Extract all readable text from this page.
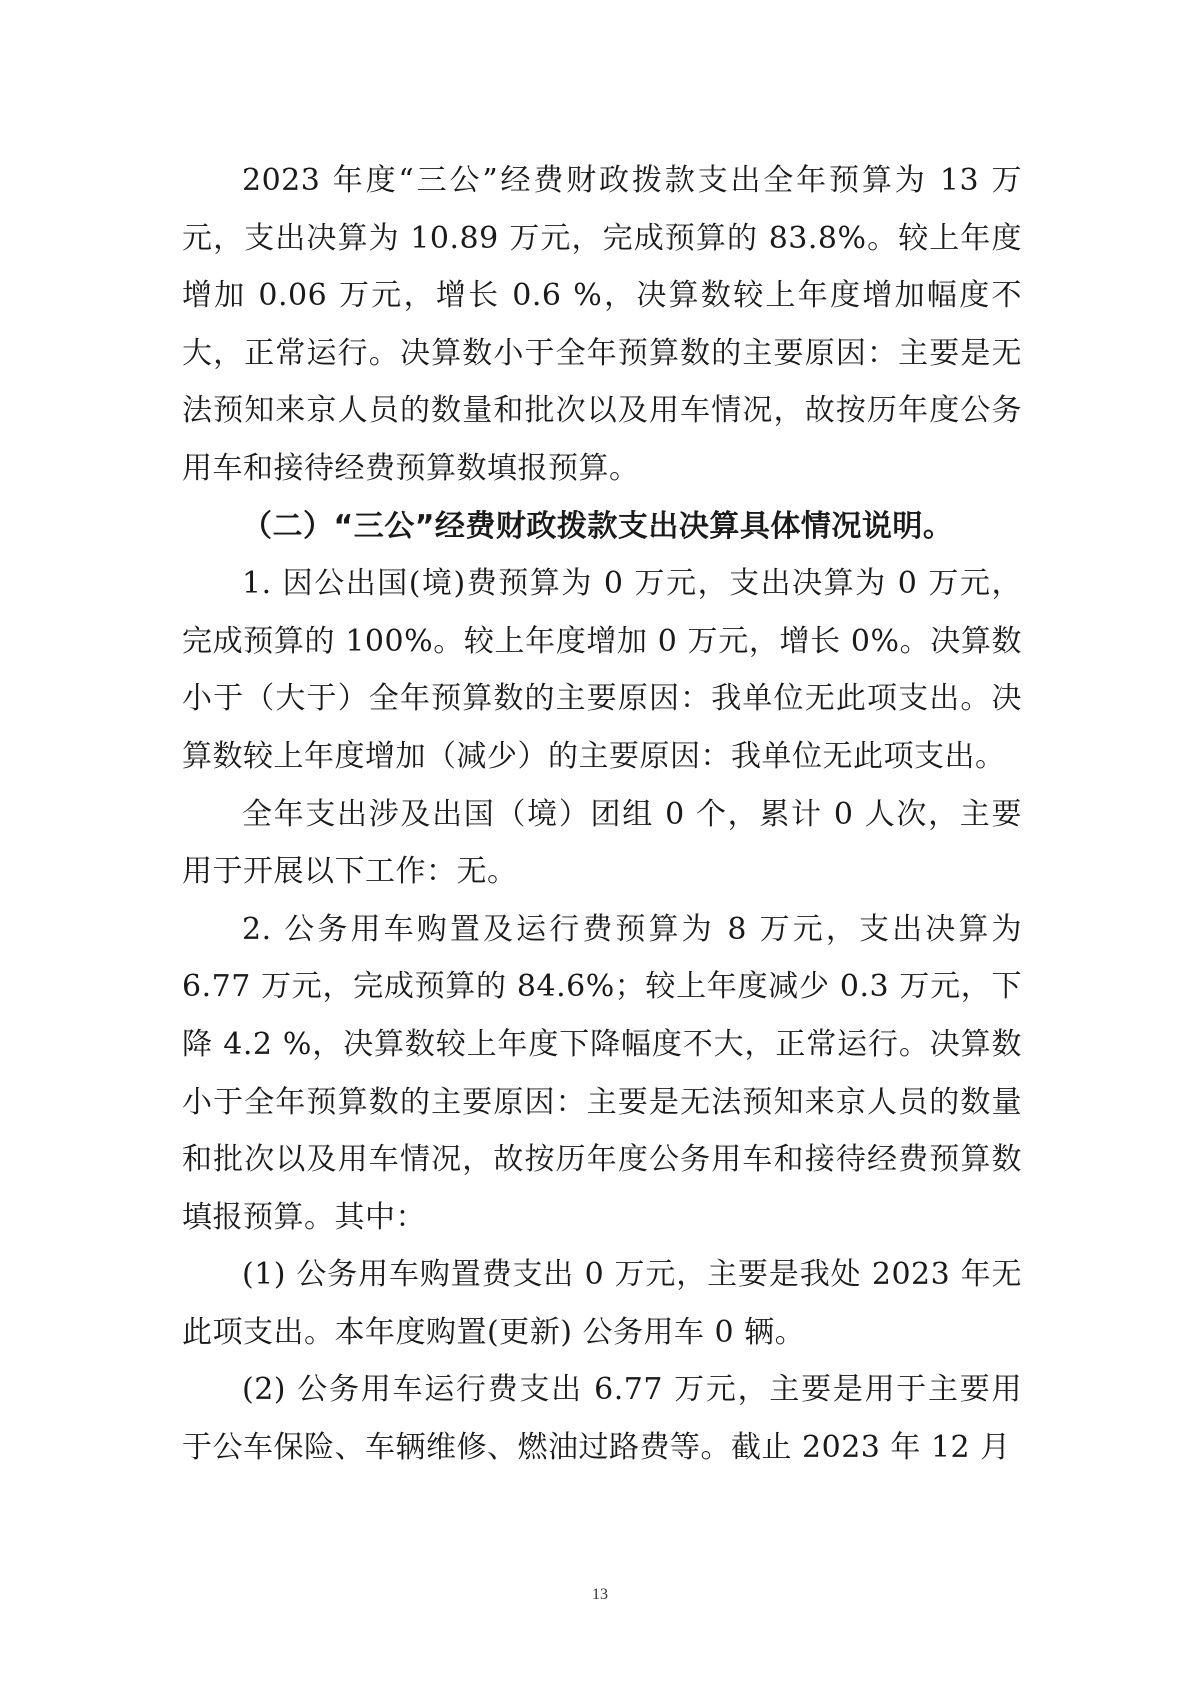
2023 年度“三公”经费财政拨款支出全年预算为 13 万元，支出决算为 10.89 万元，完成预算的 83.8%。较上年度增加 0.06 万元，增长 0.6 %，决算数较上年度增加幅度不大，正常运行。决算数小于全年预算数的主要原因：主要是无法预知来京人员的数量和批次以及用车情况，故按历年度公务用车和接待经费预算数填报预算。

（二）“三公”经费财政拨款支出决算具体情况说明。

1. 因公出国(境)费预算为 0 万元，支出决算为 0 万元，完成预算的 100%。较上年度增加 0 万元，增长 0%。决算数小于（大于）全年预算数的主要原因：我单位无此项支出。决算数较上年度增加（减少）的主要原因：我单位无此项支出。

全年支出涉及出国（境）团组 0 个，累计 0 人次，主要用于开展以下工作：无。

2. 公务用车购置及运行费预算为 8 万元，支出决算为 6.77 万元，完成预算的 84.6%；较上年度减少 0.3 万元，下降 4.2 %，决算数较上年度下降幅度不大，正常运行。决算数小于全年预算数的主要原因：主要是无法预知来京人员的数量和批次以及用车情况，故按历年度公务用车和接待经费预算数填报预算。其中：

(1) 公务用车购置费支出 0 万元，主要是我处 2023 年无此项支出。本年度购置(更新) 公务用车 0 辆。

(2) 公务用车运行费支出 6.77 万元，主要是用于主要用于公车保险、车辆维修、燃油过路费等。截止 2023 年 12 月

13
